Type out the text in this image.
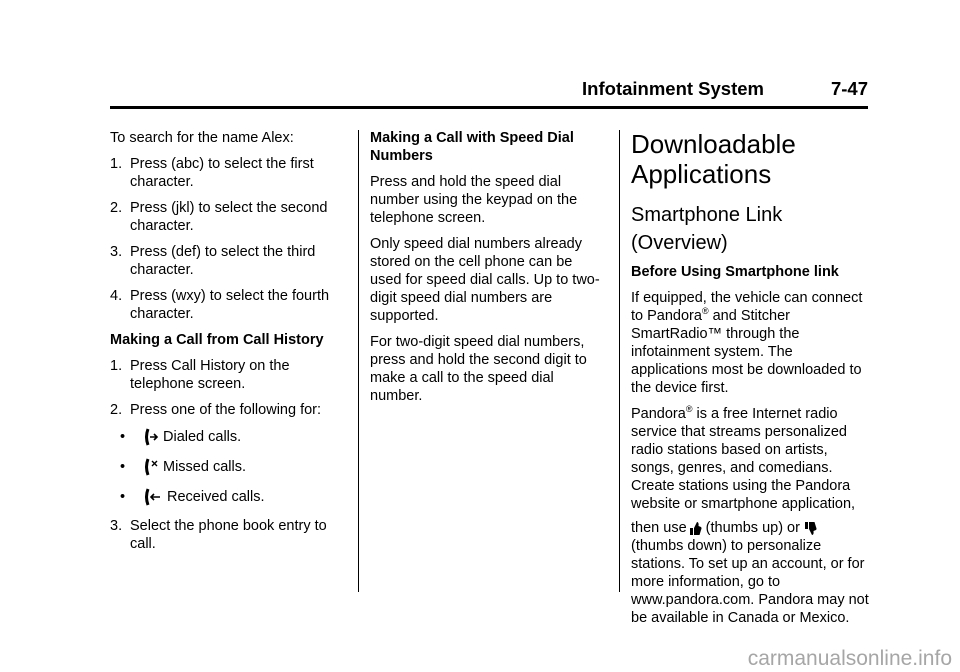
Infotainment System	7-47

To search for the name Alex:

1. Press (abc) to select the first character.
2. Press (jkl) to select the second character.
3. Press (def) to select the third character.
4. Press (wxy) to select the fourth character.

Making a Call from Call History

1. Press Call History on the telephone screen.
2. Press one of the following for:
•	Dialed calls.
•	Missed calls.
•	Received calls.
3. Select the phone book entry to call.

Making a Call with Speed Dial Numbers

Press and hold the speed dial number using the keypad on the telephone screen.

Only speed dial numbers already stored on the cell phone can be used for speed dial calls. Up to two-digit speed dial numbers are supported.

For two-digit speed dial numbers, press and hold the second digit to make a call to the speed dial number.

Downloadable Applications
Smartphone Link (Overview)

Before Using Smartphone link

If equipped, the vehicle can connect to Pandora® and Stitcher SmartRadio™ through the infotainment system. The applications most be downloaded to the device first.

Pandora® is a free Internet radio service that streams personalized radio stations based on artists, songs, genres, and comedians. Create stations using the Pandora website or smartphone application,

then use (thumbs up) or
(thumbs down) to personalize stations. To set up an account, or for more information, go to www.pandora.com. Pandora may not be available in Canada or Mexico.

carmanualsonline.info
